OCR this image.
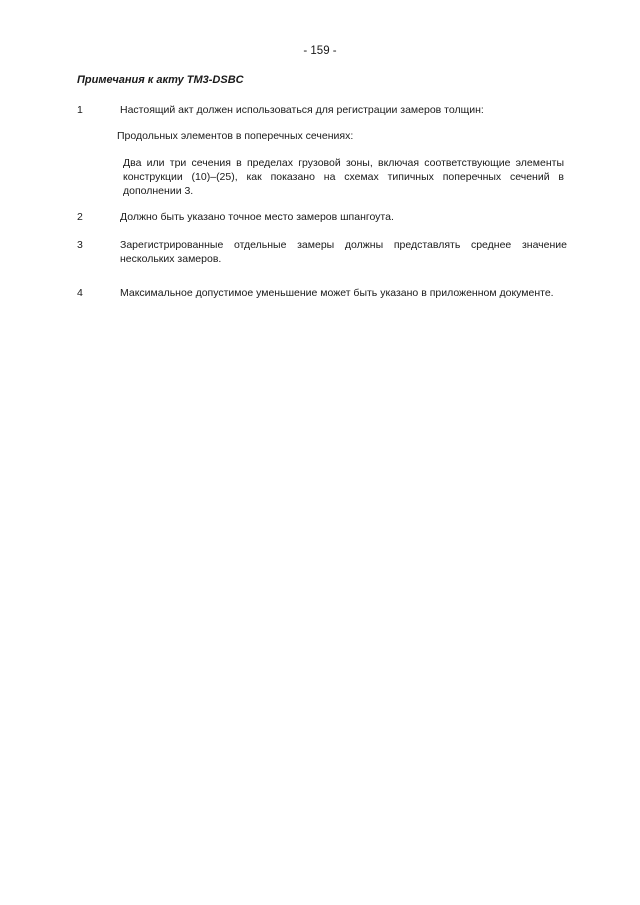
- 159 -
Примечания к акту TM3-DSBC
1	Настоящий акт должен использоваться для регистрации замеров толщин:
Продольных элементов в поперечных сечениях:
Два или три сечения в пределах грузовой зоны, включая соответствующие элементы конструкции (10)–(25), как показано на схемах типичных поперечных сечений в дополнении 3.
2	Должно быть указано точное место замеров шпангоута.
3	Зарегистрированные отдельные замеры должны представлять среднее значение нескольких замеров.
4	Максимальное допустимое уменьшение может быть указано в приложенном документе.
